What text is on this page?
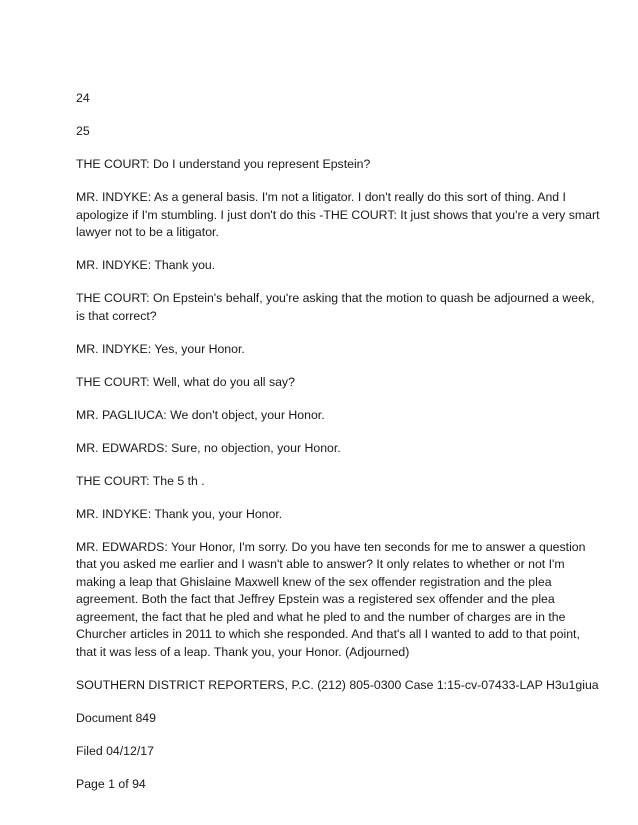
24

25

THE COURT: Do I understand you represent Epstein?

MR. INDYKE: As a general basis. I'm not a litigator. I don't really do this sort of thing. And I
apologize if I'm stumbling. I just don't do this -THE COURT: It just shows that you're a very smart
lawyer not to be a litigator.

MR. INDYKE: Thank you.

THE COURT: On Epstein's behalf, you're asking that the motion to quash be adjourned a week,
is that correct?

MR. INDYKE: Yes, your Honor.

THE COURT: Well, what do you all say?

MR. PAGLIUCA: We don't object, your Honor.

MR. EDWARDS: Sure, no objection, your Honor.

THE COURT: The 5 th .

MR. INDYKE: Thank you, your Honor.

MR. EDWARDS: Your Honor, I'm sorry. Do you have ten seconds for me to answer a question
that you asked me earlier and I wasn't able to answer? It only relates to whether or not I'm
making a leap that Ghislaine Maxwell knew of the sex offender registration and the plea
agreement. Both the fact that Jeffrey Epstein was a registered sex offender and the plea
agreement, the fact that he pled and what he pled to and the number of charges are in the
Churcher articles in 2011 to which she responded. And that's all I wanted to add to that point,
that it was less of a leap. Thank you, your Honor. (Adjourned)

SOUTHERN DISTRICT REPORTERS, P.C. (212) 805-0300 Case 1:15-cv-07433-LAP H3u1giua

Document 849

Filed 04/12/17

Page 1 of 94
